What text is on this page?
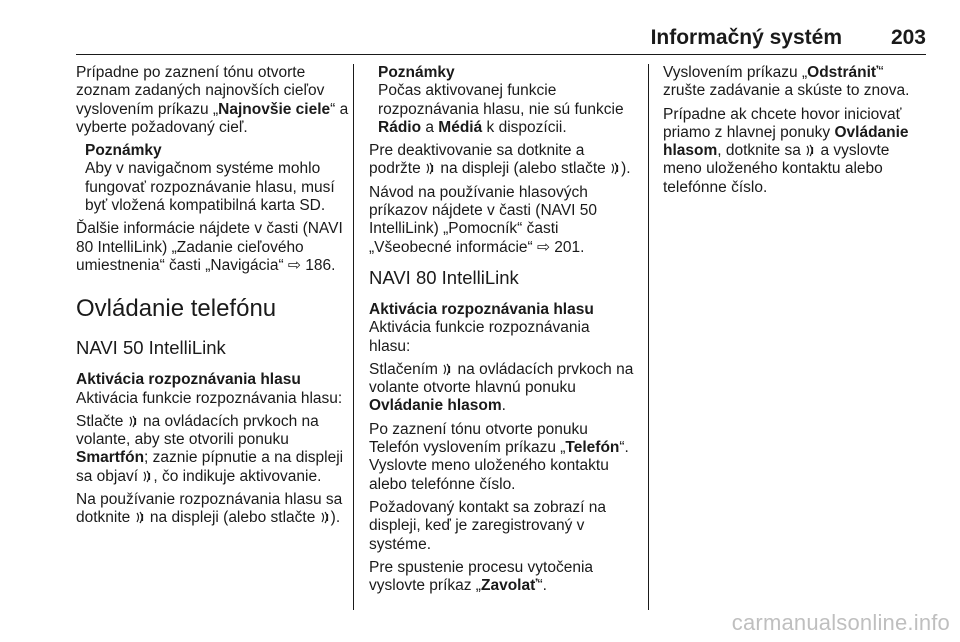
Informačný systém 203

Prípadne po zaznení tónu otvorte zoznam zadaných najnovších cieľov vyslovením príkazu „Najnovšie ciele“ a vyberte požadovaný cieľ.

Poznámky
Aby v navigačnom systéme mohlo fungovať rozpoznávanie hlasu, musí byť vložená kompatibilná karta SD.

Ďalšie informácie nájdete v časti (NAVI 80 IntelliLink) „Zadanie cieľového umiestnenia“ časti „Navigácia“ ⇨ 186.

Ovládanie telefónu
NAVI 50 IntelliLink
Aktivácia rozpoznávania hlasu

Aktivácia funkcie rozpoznávania hlasu:

Stlačte  na ovládacích prvkoch na volante, aby ste otvorili ponuku Smartfón; zaznie pípnutie a na displeji sa objaví , čo indikuje aktivovanie.

Na používanie rozpoznávania hlasu sa dotknite  na displeji (alebo stlačte ).

Poznámky
Počas aktivovanej funkcie rozpoznávania hlasu, nie sú funkcie Rádio a Médiá k dispozícii.

Pre deaktivovanie sa dotknite a podržte  na displeji (alebo stlačte ).

Návod na používanie hlasových príkazov nájdete v časti (NAVI 50 IntelliLink) „Pomocník“ časti „Všeobecné informácie“ ⇨ 201.

NAVI 80 IntelliLink
Aktivácia rozpoznávania hlasu

Aktivácia funkcie rozpoznávania hlasu:

Stlačením  na ovládacích prvkoch na volante otvorte hlavnú ponuku Ovládanie hlasom.

Po zaznení tónu otvorte ponuku Telefón vyslovením príkazu „Telefón“. Vyslovte meno uloženého kontaktu alebo telefónne číslo.

Požadovaný kontakt sa zobrazí na displeji, keď je zaregistrovaný v systéme.

Pre spustenie procesu vytočenia vyslovte príkaz „Zavolať“.

Vyslovením príkazu „Odstrániť“ zrušte zadávanie a skúste to znova.

Prípadne ak chcete hovor iniciovať priamo z hlavnej ponuky Ovládanie hlasom, dotknite sa  a vyslovte meno uloženého kontaktu alebo telefónne číslo.

carmanualsonline.info
